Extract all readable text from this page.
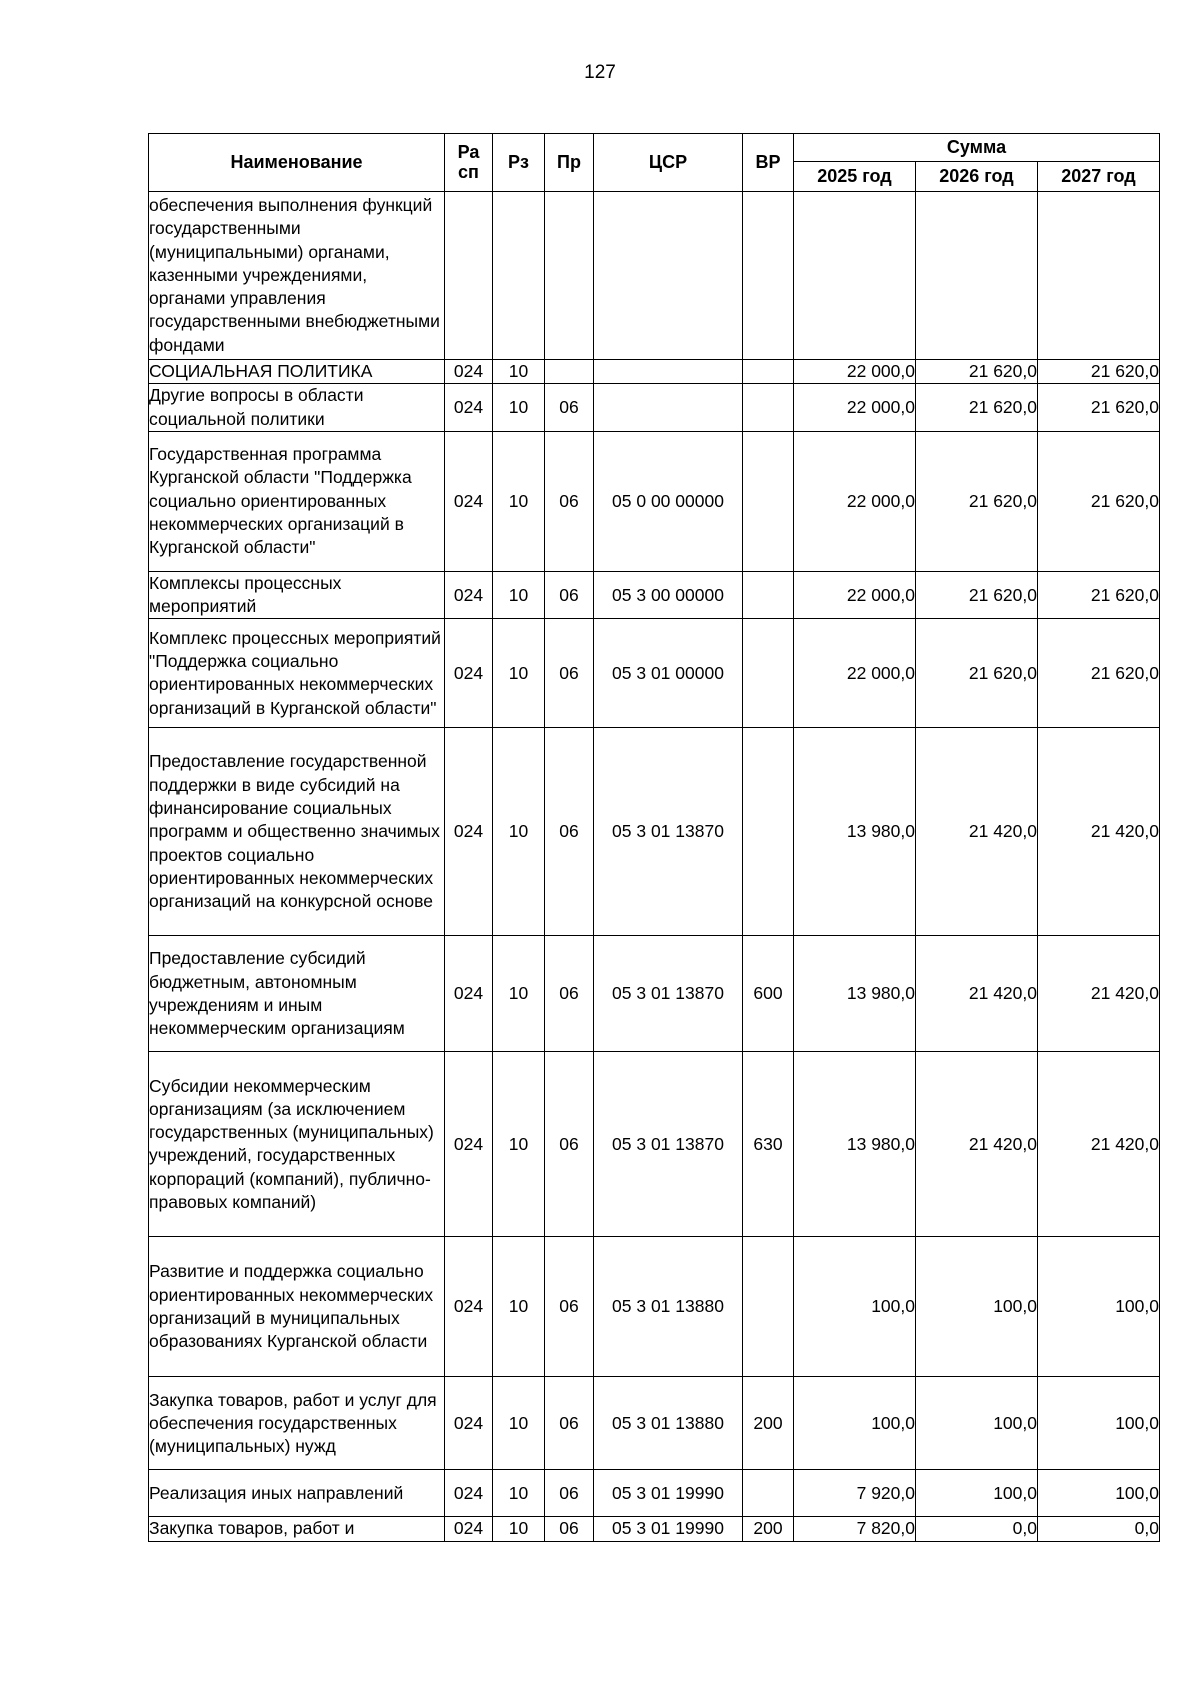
127
Наименование	Ра сп	Рз	Пр	ЦСР	ВР	Сумма		
						2025 год	2026 год	2027 год
обеспечения выполнения функций государственными (муниципальными) органами, казенными учреждениями, органами управления государственными внебюджетными фондами								
СОЦИАЛЬНАЯ ПОЛИТИКА	024	10				22 000,0	21 620,0	21 620,0
Другие вопросы в области социальной политики	024	10	06			22 000,0	21 620,0	21 620,0
Государственная программа Курганской области "Поддержка социально ориентированных некоммерческих организаций в Курганской области"	024	10	06	05 0 00 00000		22 000,0	21 620,0	21 620,0
Комплексы процессных мероприятий	024	10	06	05 3 00 00000		22 000,0	21 620,0	21 620,0
Комплекс процессных мероприятий "Поддержка социально ориентированных некоммерческих организаций в Курганской области"	024	10	06	05 3 01 00000		22 000,0	21 620,0	21 620,0
Предоставление государственной поддержки в виде субсидий на финансирование социальных программ и общественно значимых проектов социально ориентированных некоммерческих организаций на конкурсной основе	024	10	06	05 3 01 13870		13 980,0	21 420,0	21 420,0
Предоставление субсидий бюджетным, автономным учреждениям и иным некоммерческим организациям	024	10	06	05 3 01 13870	600	13 980,0	21 420,0	21 420,0
Субсидии некоммерческим организациям (за исключением государственных (муниципальных) учреждений, государственных корпораций (компаний), публично-правовых компаний)	024	10	06	05 3 01 13870	630	13 980,0	21 420,0	21 420,0
Развитие и поддержка социально ориентированных некоммерческих организаций в муниципальных образованиях Курганской области	024	10	06	05 3 01 13880		100,0	100,0	100,0
Закупка товаров, работ и услуг для обеспечения государственных (муниципальных) нужд	024	10	06	05 3 01 13880	200	100,0	100,0	100,0
Реализация иных направлений	024	10	06	05 3 01 19990		7 920,0	100,0	100,0
Закупка товаров, работ и	024	10	06	05 3 01 19990	200	7 820,0	0,0	0,0
